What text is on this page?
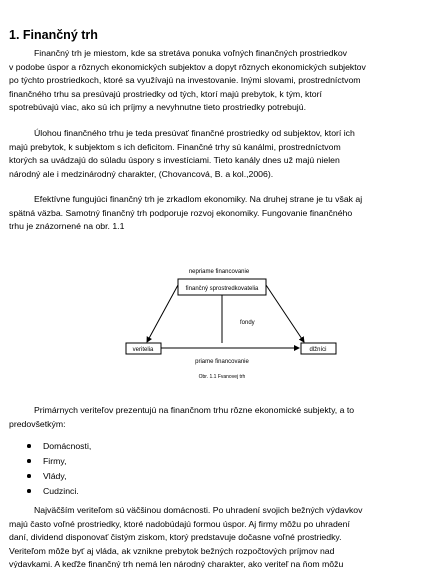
1. Finančný trh

Finančný trh je miestom, kde sa stretáva ponuka voľných finančných prostriedkov
v podobe úspor a rôznych ekonomických subjektov a dopyt rôznych ekonomických subjektov
po týchto prostriedkoch, ktoré sa využívajú na investovanie. Inými slovami, prostredníctvom
finančného trhu sa presúvajú prostriedky od tých, ktorí majú prebytok, k tým, ktorí
spotrebúvajú viac, ako sú ich príjmy a nevyhnutne tieto prostriedky potrebujú.

Úlohou finančného trhu je teda presúvať finančné prostriedky od subjektov, ktorí ich
majú prebytok, k subjektom s ich deficitom. Finančné trhy sú kanálmi, prostredníctvom
ktorých sa uvádzajú do súladu úspory s investíciami. Tieto kanály dnes už majú nielen
národný ale i medzinárodný charakter, (Chovancová, B. a kol.,2006).

Efektívne fungujúci finančný trh je zrkadlom ekonomiky. Na druhej strane je tu však aj
spätná väzba. Samotný finančný trh podporuje rozvoj ekonomiky. Fungovanie finančného
trhu je znázornené na obr. 1.1

nepriame financovanie
finančný sprostredkovatelia
fondy
veritelia	dlžníci
priame financovanie
Obr. 1.1 Fvanovej trh

Primárnych veriteľov prezentujú na finančnom trhu rôzne ekonomické subjekty, a to
predovšetkým:

Domácnosti,
Firmy,
Vlády,
Cudzinci.

Najväčším veriteľom sú väčšinou domácnosti. Po uhradení svojich bežných výdavkov
majú často voľné prostriedky, ktoré nadobúdajú formou úspor. Aj firmy môžu po uhradení
daní, dividend disponovať čistým ziskom, ktorý predstavuje dočasne voľné prostriedky.
Veriteľom môže byť aj vláda, ak vznikne prebytok bežných rozpočtových príjmov nad
výdavkami. A keďže finančný trh nemá len národný charakter, ako veriteľ na ňom môžu
